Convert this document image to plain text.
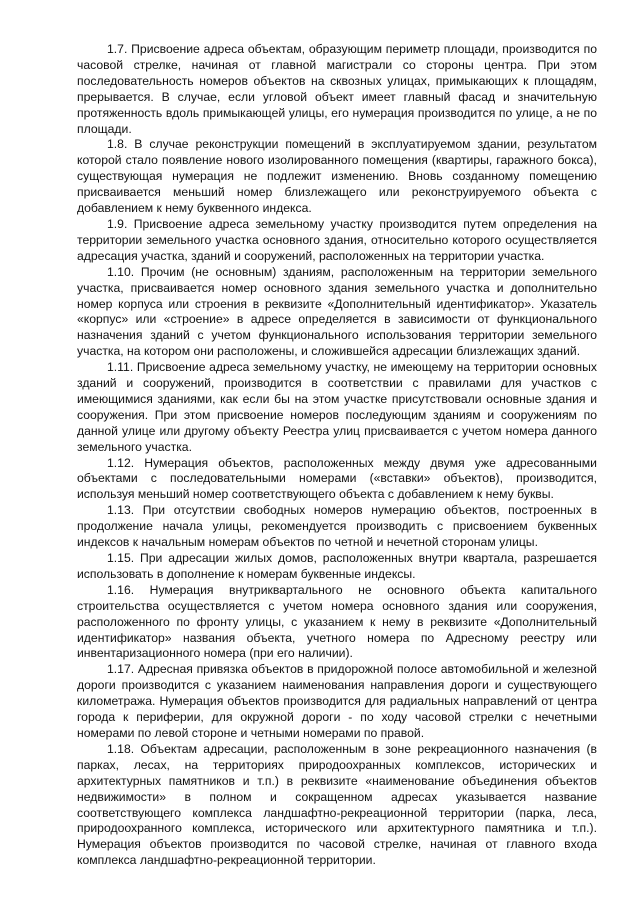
1.7. Присвоение адреса объектам, образующим периметр площади, производится по часовой стрелке, начиная от главной магистрали со стороны центра. При этом последовательность номеров объектов на сквозных улицах, примыкающих к площадям, прерывается. В случае, если угловой объект имеет главный фасад и значительную протяженность вдоль примыкающей улицы, его нумерация производится по улице, а не по площади.

1.8. В случае реконструкции помещений в эксплуатируемом здании, результатом которой стало появление нового изолированного помещения (квартиры, гаражного бокса), существующая нумерация не подлежит изменению. Вновь созданному помещению присваивается меньший номер близлежащего или реконструируемого объекта с добавлением к нему буквенного индекса.

1.9. Присвоение адреса земельному участку производится путем определения на территории земельного участка основного здания, относительно которого осуществляется адресация участка, зданий и сооружений, расположенных на территории участка.

1.10. Прочим (не основным) зданиям, расположенным на территории земельного участка, присваивается номер основного здания земельного участка и дополнительно номер корпуса или строения в реквизите «Дополнительный идентификатор». Указатель «корпус» или «строение» в адресе определяется в зависимости от функционального назначения зданий с учетом функционального использования территории земельного участка, на котором они расположены, и сложившейся адресации близлежащих зданий.

1.11. Присвоение адреса земельному участку, не имеющему на территории основных зданий и сооружений, производится в соответствии с правилами для участков с имеющимися зданиями, как если бы на этом участке присутствовали основные здания и сооружения. При этом присвоение номеров последующим зданиям и сооружениям по данной улице или другому объекту Реестра улиц присваивается с учетом номера данного земельного участка.

1.12. Нумерация объектов, расположенных между двумя уже адресованными объектами с последовательными номерами («вставки» объектов), производится, используя меньший номер соответствующего объекта с добавлением к нему буквы.

1.13. При отсутствии свободных номеров нумерацию объектов, построенных в продолжение начала улицы, рекомендуется производить с присвоением буквенных индексов к начальным номерам объектов по четной и нечетной сторонам улицы.

1.15. При адресации жилых домов, расположенных внутри квартала, разрешается использовать в дополнение к номерам буквенные индексы.

1.16. Нумерация внутриквартального не основного объекта капитального строительства осуществляется с учетом номера основного здания или сооружения, расположенного по фронту улицы, с указанием к нему в реквизите «Дополнительный идентификатор» названия объекта, учетного номера по Адресному реестру или инвентаризационного номера (при его наличии).

1.17. Адресная привязка объектов в придорожной полосе автомобильной и железной дороги производится с указанием наименования направления дороги и существующего километража. Нумерация объектов производится для радиальных направлений от центра города к периферии, для окружной дороги - по ходу часовой стрелки с нечетными номерами по левой стороне и четными номерами по правой.

1.18. Объектам адресации, расположенным в зоне рекреационного назначения (в парках, лесах, на территориях природоохранных комплексов, исторических и архитектурных памятников и т.п.) в реквизите «наименование объединения объектов недвижимости» в полном и сокращенном адресах указывается название соответствующего комплекса ландшафтно-рекреационной территории (парка, леса, природоохранного комплекса, исторического или архитектурного памятника и т.п.). Нумерация объектов производится по часовой стрелке, начиная от главного входа комплекса ландшафтно-рекреационной территории.
